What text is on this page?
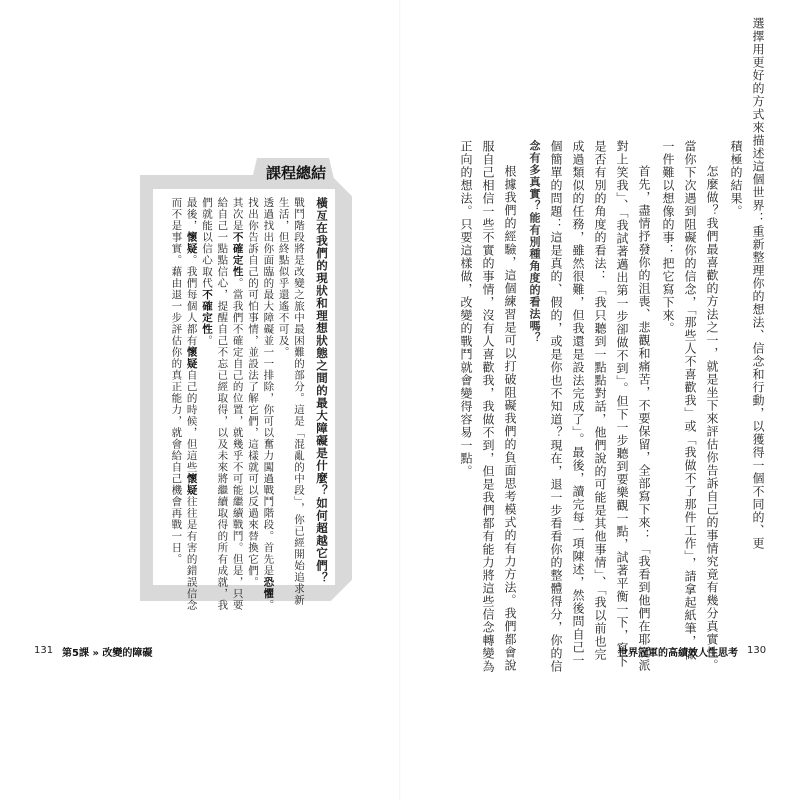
課程總結
橫亙在我們的現狀和理想狀態之間的最大障礙是什麼？如何超越它們？
131 第5課 » 改變的障礙
戰鬥階段將是改變之旅中最困難的部分。這是「混亂的中段」，你已經開始追求新
生活，但終點似乎還遙不可及。
透過找出你面臨的最大障礙並一一排除，你可以奮力闖過戰鬥階段。首先是恐懼。
找出你告訴自己的可怕事情，並設法了解它們，這樣就可以反過來替換它們。
其次是不確定性。當我們不確定自己的位置，就幾乎不可能繼續戰鬥。但是，只要
給自己一點點信心，提醒自己不忘已經取得，以及未來將繼續取得的所有成就，我
們就能以信心取代不確定性。
最後，懷疑。我們每個人都有懷疑自己的時候，但這些懷疑往往是有害的錯誤信念
而不是事實。藉由退一步評估你的真正能力，就會給自己機會再戰一日。	選擇用更好的方式來描述這個世界：重新整理你的想法、信念和行動，以獲得一個不同的、更
積極的結果。
怎麼做？我們最喜歡的方法之一，就是坐下來評估你告訴自己的事情究竟有幾分真實性。
當你下次遇到阻礙你的信念，「那些人不喜歡我」或「我做不了那件工作」，請拿起紙筆，做
一件難以想像的事：把它寫下來。
首先，盡情抒發你的沮喪、悲觀和痛苦，不要保留，全部寫下來：「我看到他們在耶誕派
對上笑我」、「我試著邁出第一步卻做不到」。但下一步聽到要樂觀一點，試著平衡一下，寫下
是否有別的角度的看法：「我只聽到一點點對話，他們說的可能是其他事情」、「我以前也完
成過類似的任務，雖然很難，但我還是設法完成了」。最後，讀完每一項陳述，然後問自己一
個簡單的問題：這是真的、假的，或是你也不知道？現在，退一步看看你的整體得分，你的信
念有多真實？能有別種角度的看法嗎？
根據我們的經驗，這個練習是可以打破阻礙我們的負面思考模式的有力方法。我們都會說
服自己相信一些不實的事情，沒有人喜歡我，我做不到，但是我們都有能力將這些信念轉變為
正向的想法。只要這樣做，改變的戰鬥就會變得容易一點。
世界冠軍的高績效人生思考 130
